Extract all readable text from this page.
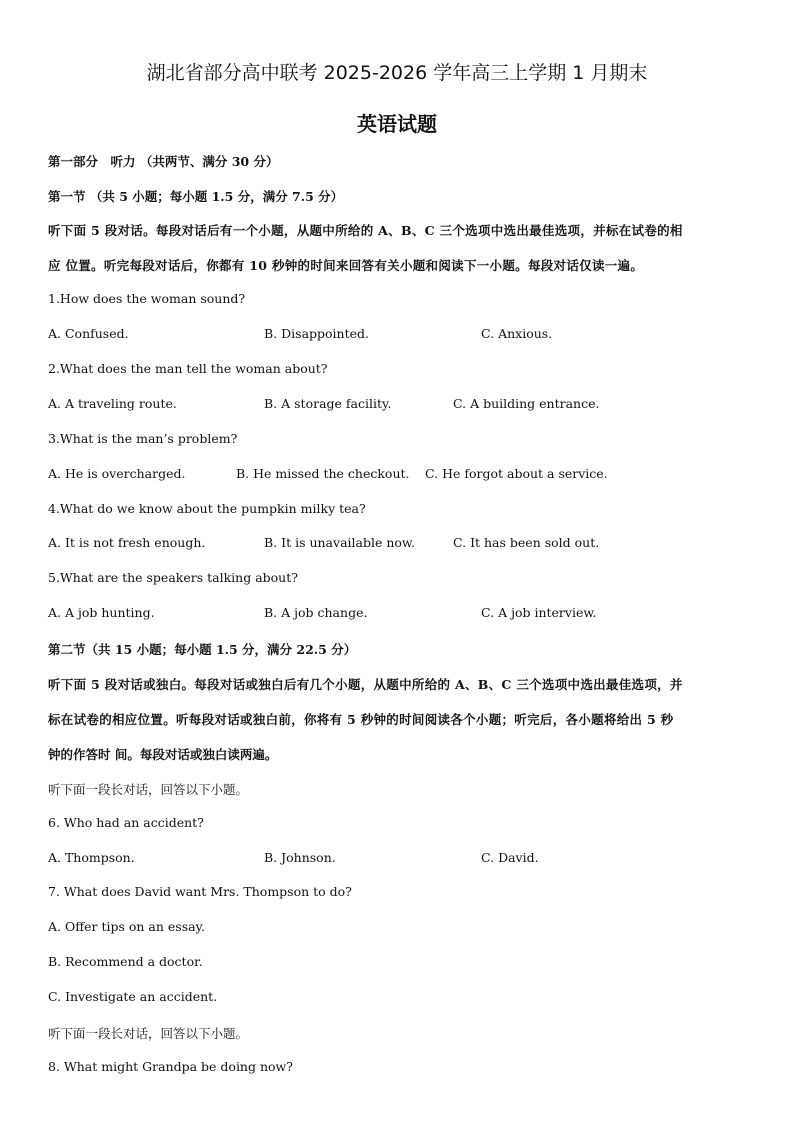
湖北省部分高中联考 2025-2026 学年高三上学期 1 月期末
英语试题
第一部分　听力 （共两节、满分 30 分）
第一节 （共 5 小题；每小题 1.5 分，满分 7.5 分）
听下面 5 段对话。每段对话后有一个小题，从题中所给的 A、B、C 三个选项中选出最佳选项，并标在试卷的相
应 位置。听完每段对话后，你都有 10 秒钟的时间来回答有关小题和阅读下一小题。每段对话仅读一遍。
1.How does the woman sound?
A. Confused.	B. Disappointed.	C. Anxious.
2.What does the man tell the woman about?
A. A traveling route.	B. A storage facility.	C. A building entrance.
3.What is the man’s problem?
A. He is overcharged.	B. He missed the checkout. C. He forgot about a service.
4.What do we know about the pumpkin milky tea?
A. It is not fresh enough.	B. It is unavailable now.	C. It has been sold out.
5.What are the speakers talking about?
A. A job hunting.	B. A job change.	C. A job interview.
第二节（共 15 小题；每小题 1.5 分，满分 22.5 分）
听下面 5 段对话或独白。每段对话或独白后有几个小题，从题中所给的 A、B、C 三个选项中选出最佳选项，并
标在试卷的相应位置。听每段对话或独白前，你将有 5 秒钟的时间阅读各个小题；听完后，各小题将给出 5 秒
钟的作答时 间。每段对话或独白读两遍。
听下面一段长对话，回答以下小题。
6. Who had an accident?
A. Thompson.	B. Johnson.	C. David.
7. What does David want Mrs. Thompson to do?
A. Offer tips on an essay.
B. Recommend a doctor.
C. Investigate an accident.
听下面一段长对话，回答以下小题。
8. What might Grandpa be doing now?
